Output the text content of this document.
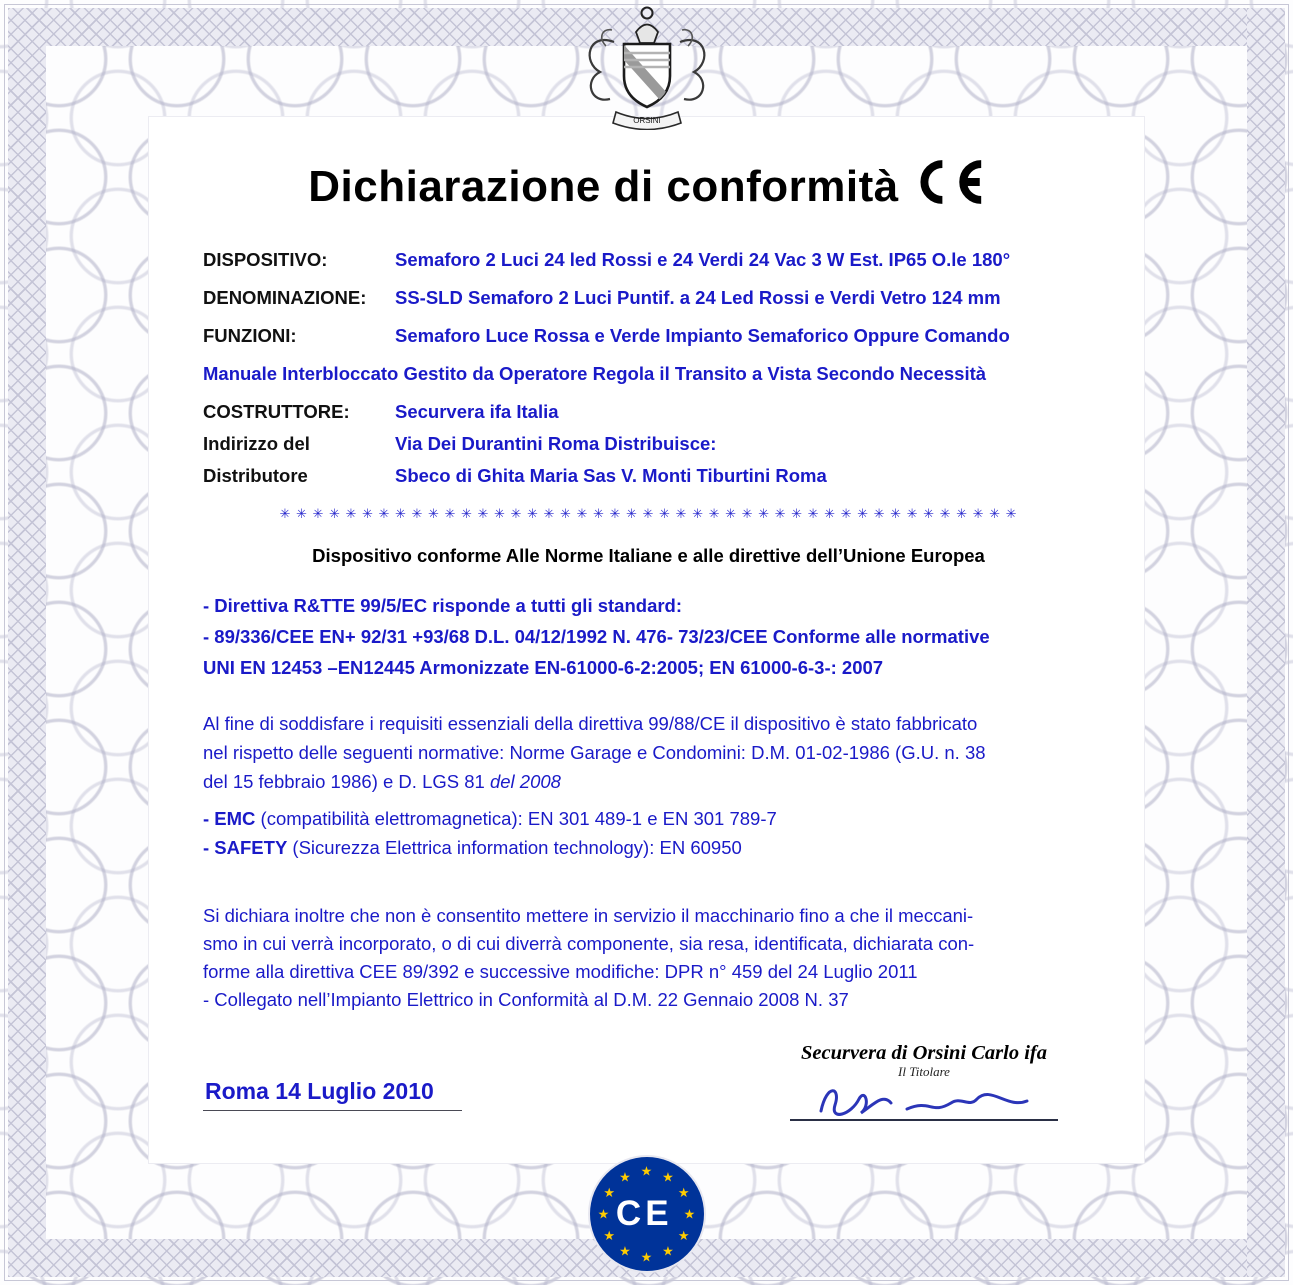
Dichiarazione di conformità
DISPOSITIVO:	Semaforo 2 Luci 24 led Rossi e 24 Verdi 24 Vac 3 W Est. IP65 O.le 180°
DENOMINAZIONE:	SS-SLD Semaforo 2 Luci Puntif. a 24 Led Rossi e Verdi Vetro 124 mm
FUNZIONI:	Semaforo Luce Rossa e Verde Impianto Semaforico Oppure Comando
Manuale Interbloccato Gestito da Operatore Regola il Transito a Vista Secondo Necessità
COSTRUTTORE:	Securvera ifa Italia
Indirizzo del	Via Dei Durantini Roma Distribuisce:
Distributore	Sbeco di Ghita Maria Sas V. Monti Tiburtini Roma
✳ ✳ ✳ ✳ ✳ ✳ ✳ ✳ ✳ ✳ ✳ ✳ ✳ ✳ ✳ ✳ ✳ ✳ ✳ ✳ ✳ ✳ ✳ ✳ ✳ ✳ ✳ ✳ ✳ ✳ ✳ ✳ ✳ ✳ ✳ ✳ ✳ ✳ ✳ ✳ ✳ ✳ ✳ ✳ ✳
Dispositivo conforme Alle Norme Italiane e alle direttive dell’Unione Europea
- Direttiva R&TTE 99/5/EC risponde a tutti gli standard:
- 89/336/CEE EN+ 92/31 +93/68 D.L. 04/12/1992 N. 476- 73/23/CEE Conforme alle normative
UNI EN 12453 –EN12445 Armonizzate EN-61000-6-2:2005; EN 61000-6-3-: 2007
Al fine di soddisfare i requisiti essenziali della direttiva 99/88/CE il dispositivo è stato fabbricato
nel rispetto delle seguenti normative: Norme Garage e Condomini: D.M. 01-02-1986 (G.U. n. 38
del 15 febbraio 1986) e D. LGS 81 del 2008
- EMC (compatibilità elettromagnetica): EN 301 489-1 e EN 301 789-7
- SAFETY (Sicurezza Elettrica information technology): EN 60950
Si dichiara inoltre che non è consentito mettere in servizio il macchinario fino a che il meccani-
smo in cui verrà incorporato, o di cui diverrà componente, sia resa, identificata, dichiarata con-
forme alla direttiva CEE 89/392 e successive modifiche: DPR n° 459 del 24 Luglio 2011
- Collegato nell’Impianto Elettrico in Conformità al D.M. 22 Gennaio 2008 N. 37
Roma 14 Luglio 2010
Securvera di Orsini Carlo ifa
Il Titolare
ORSINI
★ ★
★
★
★
★
★
★
★
★
★
★
CE
